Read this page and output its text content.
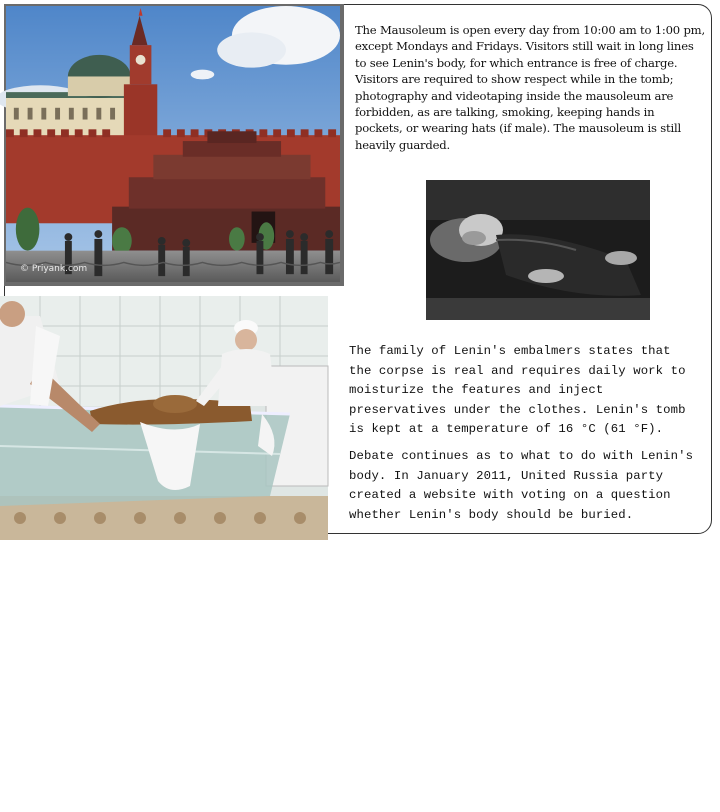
© Priyank.com
The Mausoleum is open every day from 10:00 am to 1:00 pm, except Mondays and Fridays. Visitors still wait in long lines to see Lenin's body, for which entrance is free of charge. Visitors are required to show respect while in the tomb; photography and videotaping inside the mausoleum are forbidden, as are talking, smoking, keeping hands in pockets, or wearing hats (if male). The mausoleum is still heavily guarded.
НТВ
The family of Lenin's embalmers states that the corpse is real and requires daily work to moisturize the features and inject preservatives under the clothes. Lenin's tomb is kept at a temperature of 16 °C (61 °F).
Debate continues as to what to do with Lenin's body. In January 2011, United Russia party created a website with voting on a question whether Lenin's body should be buried.
